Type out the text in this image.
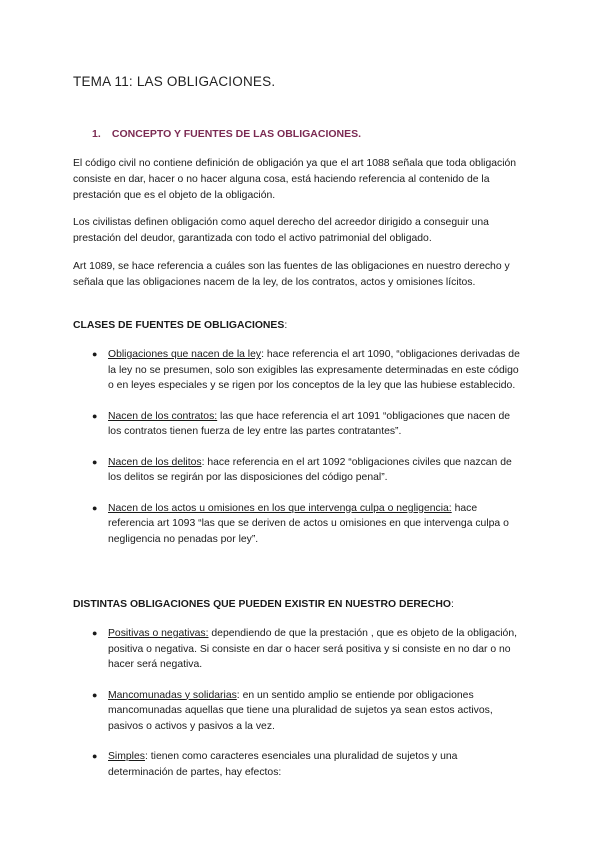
TEMA 11: LAS OBLIGACIONES.
1. CONCEPTO Y FUENTES DE LAS OBLIGACIONES.

El código civil no contiene definición de obligación ya que el art 1088 señala que toda obligación consiste en dar, hacer o no hacer alguna cosa, está haciendo referencia al contenido de la prestación que es el objeto de la obligación.

Los civilistas definen obligación como aquel derecho del acreedor dirigido a conseguir una prestación del deudor, garantizada con todo el activo patrimonial del obligado.

Art 1089, se hace referencia a cuáles son las fuentes de las obligaciones en nuestro derecho y señala que las obligaciones nacem de la ley, de los contratos, actos y omisiones lícitos.

CLASES DE FUENTES DE OBLIGACIONES:

● Obligaciones que nacen de la ley: hace referencia el art 1090, “obligaciones derivadas de la ley no se presumen, solo son exigibles las expresamente determinadas en este código o en leyes especiales y se rigen por los conceptos de la ley que las hubiese establecido.
● Nacen de los contratos: las que hace referencia el art 1091 “obligaciones que nacen de los contratos tienen fuerza de ley entre las partes contratantes”.
● Nacen de los delitos: hace referencia en el art 1092 “obligaciones civiles que nazcan de los delitos se regirán por las disposiciones del código penal”.
● Nacen de los actos u omisiones en los que intervenga culpa o negligencia: hace referencia art 1093 “las que se deriven de actos u omisiones en que intervenga culpa o negligencia no penadas por ley”.

DISTINTAS OBLIGACIONES QUE PUEDEN EXISTIR EN NUESTRO DERECHO:

● Positivas o negativas: dependiendo de que la prestación , que es objeto de la obligación, positiva o negativa. Si consiste en dar o hacer será positiva y si consiste en no dar o no hacer será negativa.
● Mancomunadas y solidarias: en un sentido amplio se entiende por obligaciones mancomunadas aquellas que tiene una pluralidad de sujetos ya sean estos activos, pasivos o activos y pasivos a la vez.
● Simples: tienen como caracteres esenciales una pluralidad de sujetos y una determinación de partes, hay efectos:
